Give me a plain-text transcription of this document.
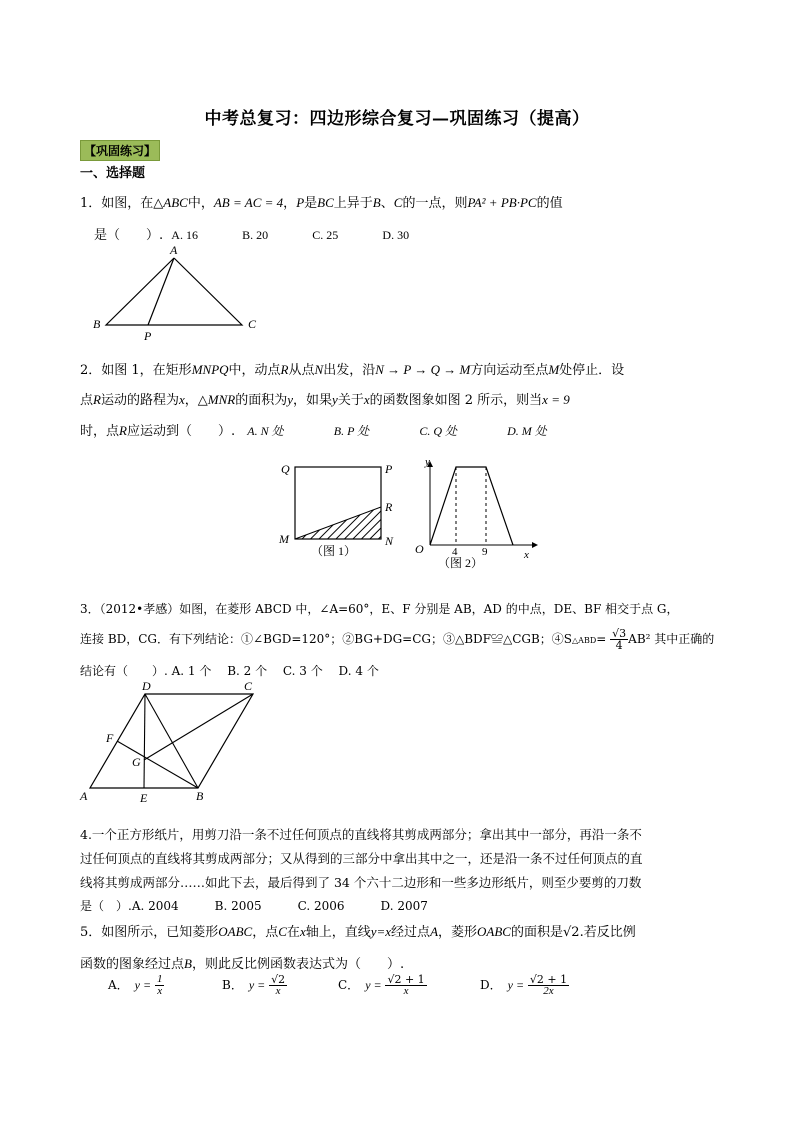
中考总复习：四边形综合复习—巩固练习（提高）
【巩固练习】
一、选择题
1．如图，在△ABC中，AB = AC = 4，P是BC上异于B、C的一点，则PA² + PB·PC的值
是（　　）. A. 16	B. 20	C. 25	D. 30
A
B	C
P
2．如图 1，在矩形MNPQ中，动点R从点N出发，沿N → P → Q → M方向运动至点M处停止．设
点R运动的路程为x，△MNR的面积为y，如果y关于x的函数图象如图 2 所示，则当x = 9
时，点R应运动到（　　）. A. N 处	B. P 处	C. Q 处	D. M 处
Q	P
R
M	N
（图 1）
y
x
O	4 9
（图 2）
3．（2012•孝感）如图，在菱形 ABCD 中，∠A=60°，E、F 分别是 AB，AD 的中点，DE、BF 相交于点 G，
连接 BD，CG．有下列结论：①∠BGD=120°；②BG+DG=CG；③△BDF≌△CGB；④S△ABD= $\frac{√3}{4} AB^2$ 其中正确的
结论有（　　）. A. 1 个　 B. 2 个　 C. 3 个　 D. 4 个
D	C
F
G
A	E	B
4.一个正方形纸片，用剪刀沿一条不过任何顶点的直线将其剪成两部分；拿出其中一部分，再沿一条不
过任何顶点的直线将其剪成两部分；又从得到的三部分中拿出其中之一，还是沿一条不过任何顶点的直
线将其剪成两部分……如此下去，最后得到了 34 个六十二边形和一些多边形纸片，则至少要剪的刀数
是（　）.A. 2004　　　B. 2005　　　C. 2006　　　D. 2007
5．如图所示，已知菱形OABC，点C在x轴上，直线y=x经过点A，菱形OABC的面积是√2.若反比例
函数的图象经过点B，则此反比例函数表达式为（　　）.
A． $y = \frac{1}{x}$	B． $y = \frac{√2}{x}$	C． $y = \frac{√2 + 1}{x}$	D． $y = \frac{√2 + 1}{2x}$
